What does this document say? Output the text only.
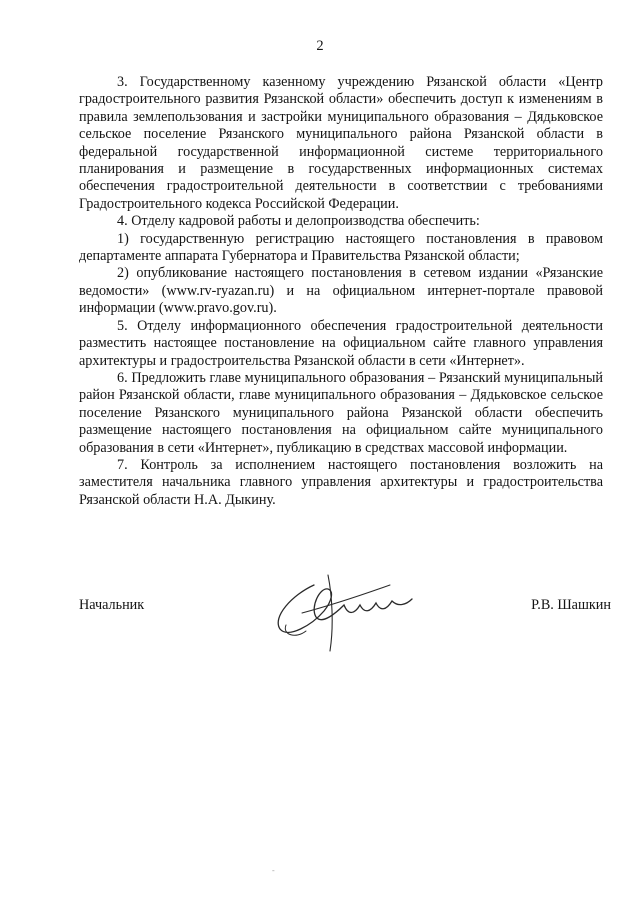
2

3. Государственному казенному учреждению Рязанской области «Центр градостроительного развития Рязанской области» обеспечить доступ к изменениям в правила землепользования и застройки муниципального образования – Дядьковское сельское поселение Рязанского муниципального района Рязанской области в федеральной государственной информационной системе территориального планирования и размещение в государственных информационных системах обеспечения градостроительной деятельности в соответствии с требованиями Градостроительного кодекса Российской Федерации.

4. Отделу кадровой работы и делопроизводства обеспечить:

1) государственную регистрацию настоящего постановления в правовом департаменте аппарата Губернатора и Правительства Рязанской области;

2) опубликование настоящего постановления в сетевом издании «Рязанские ведомости» (www.rv-ryazan.ru) и на официальном интернет-портале правовой информации (www.pravo.gov.ru).

5. Отделу информационного обеспечения градостроительной деятельности разместить настоящее постановление на официальном сайте главного управления архитектуры и градостроительства Рязанской области в сети «Интернет».

6. Предложить главе муниципального образования – Рязанский муниципальный район Рязанской области, главе муниципального образования – Дядьковское сельское поселение Рязанского муниципального района Рязанской области обеспечить размещение настоящего постановления на официальном сайте муниципального образования в сети «Интернет», публикацию в средствах массовой информации.

7. Контроль за исполнением настоящего постановления возложить на заместителя начальника главного управления архитектуры и градостроительства Рязанской области Н.А. Дыкину.

Начальник	Р.В. Шашкин
-
